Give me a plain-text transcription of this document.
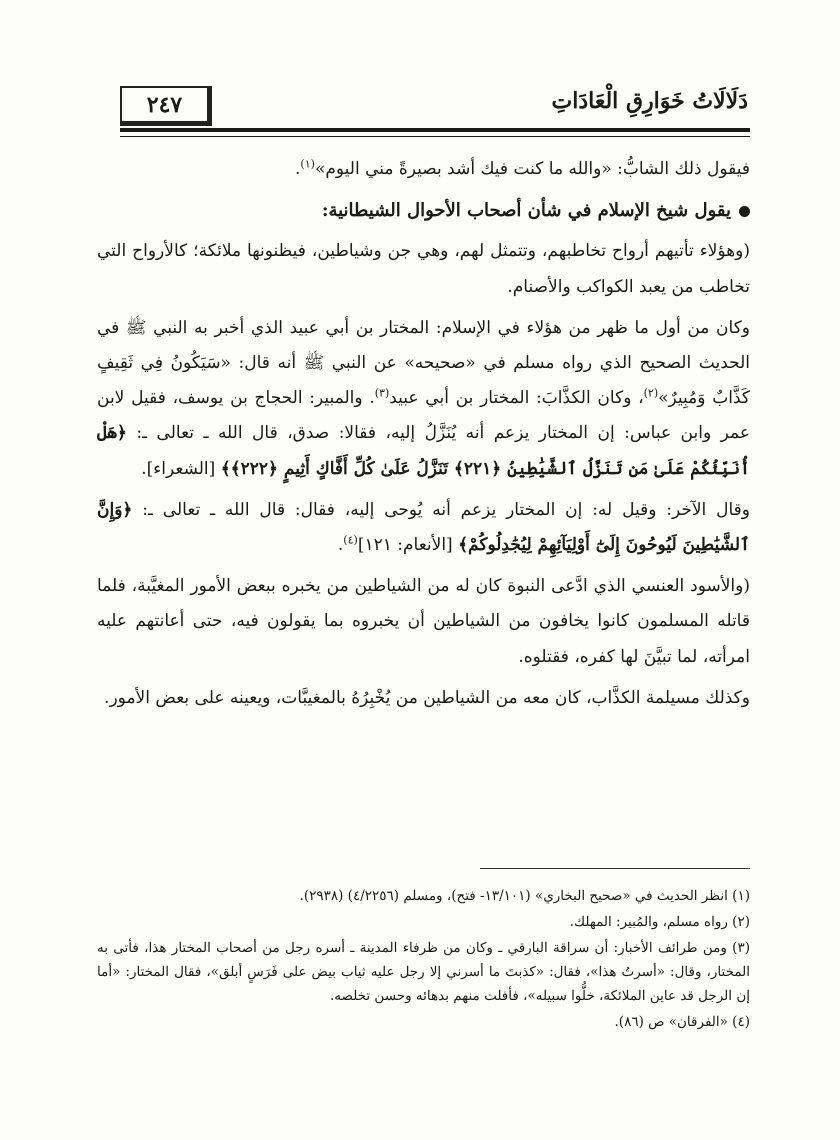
٢٤٧	دَلَالَاتُ خَوَارِقِ الْعَادَاتِ

فيقول ذلك الشابُّ: «والله ما كنت فيك أشد بصيرةً مني اليوم»$^{(١)}$.

يقول شيخ الإسلام في شأن أصحاب الأحوال الشيطانية:

(وهؤلاء تأتيهم أرواح تخاطبهم، وتتمثل لهم، وهي جن وشياطين، فيظنونها ملائكة؛ كالأرواح التي تخاطب من يعبد الكواكب والأصنام.

وكان من أول ما ظهر من هؤلاء في الإسلام: المختار بن أبي عبيد الذي أخبر به النبي ﷺ في الحديث الصحيح الذي رواه مسلم في «صحيحه» عن النبي ﷺ أنه قال: «سَيَكُونُ فِي ثَقِيفٍ كَذَّابٌ وَمُبِيرٌ»$^{(٢)}$، وكان الكذَّابَ: المختار بن أبي عبيد$^{(٣)}$. والمبير: الحجاج بن يوسف، فقيل لابن عمر وابن عباس: إن المختار يزعم أنه يُنَزَّلُ إليه، فقالا: صدق، قال الله ـ تعالى ـ: ﴿هَلْ أُنَبِّئُكُمْ عَلَىٰ مَن تَنَزَّلُ ٱلشَّيَٰطِينُ ﴿٢٢١﴾ تَنَزَّلُ عَلَىٰ كُلِّ أَفَّاكٍ أَثِيمٍ ﴿٢٢٢﴾﴾ [الشعراء].

وقال الآخر: وقيل له: إن المختار يزعم أنه يُوحى إليه، فقال: قال الله ـ تعالى ـ: ﴿وَإِنَّ ٱلشَّيَٰطِينَ لَيُوحُونَ إِلَىٰٓ أَوْلِيَآئِهِمْ لِيُجَٰدِلُوكُمْ﴾ [الأنعام: ١٢١]$^{(٤)}$.

(والأسود العنسي الذي ادَّعى النبوة كان له من الشياطين من يخبره ببعض الأمور المغيَّبة، فلما قاتله المسلمون كانوا يخافون من الشياطين أن يخبروه بما يقولون فيه، حتى أعانتهم عليه امرأته، لما تبيَّنَ لها كفره، فقتلوه.

وكذلك مسيلمة الكذَّاب، كان معه من الشياطين من يُخْبِرُهُ بالمغيبَّات، ويعينه على بعض الأمور.

(١) انظر الحديث في «صحيح البخاري» (١٣/١٠١- فتح)، ومسلم (٤/٢٢٥٦) (٢٩٣٨).

(٢) رواه مسلم، والمُبير: المهلك.

(٣) ومن طرائف الأخبار: أن سراقة البارقي ـ وكان من ظرفاء المدينة ـ أسره رجل من أصحاب المختار هذا، فأتى به المختار، وقال: «أسرتُ هذا»، فقال: «كذبتَ ما أسرني إلا رجل عليه ثياب بيض على فَرَسٍ أبلق»، فقال المختار: «أما إن الرجل قد عاين الملائكة، خلُّوا سبيله»، فأفلت منهم بدهائه وحسن تخلصه.

(٤) «الفرقان» ص (٨٦).
